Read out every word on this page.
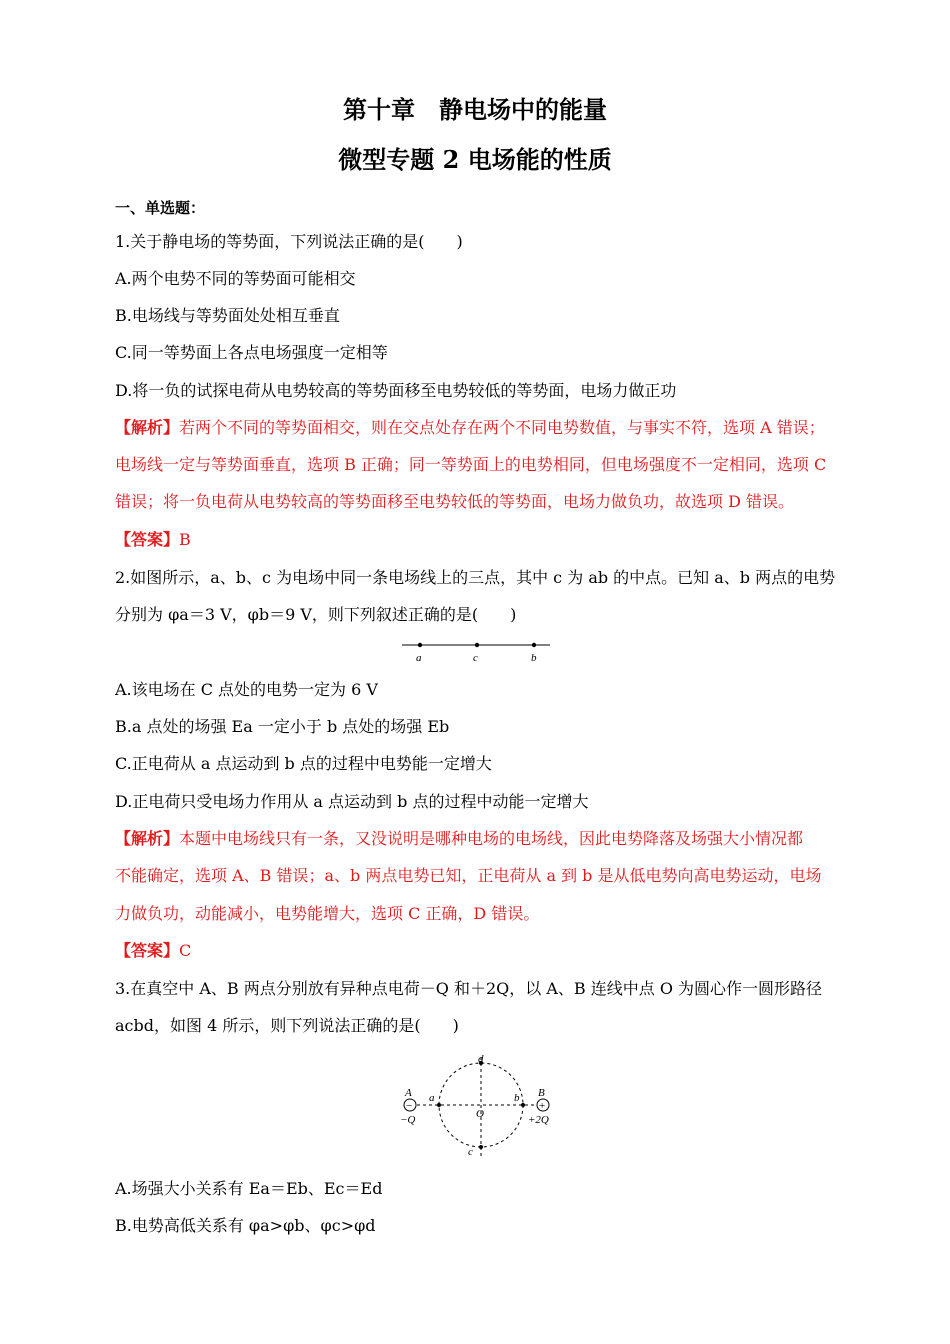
第十章　静电场中的能量
微型专题 2 电场能的性质
一、单选题：
1.关于静电场的等势面，下列说法正确的是(　　)
A.两个电势不同的等势面可能相交
B.电场线与等势面处处相互垂直
C.同一等势面上各点电场强度一定相等
D.将一负的试探电荷从电势较高的等势面移至电势较低的等势面，电场力做正功
【解析】若两个不同的等势面相交，则在交点处存在两个不同电势数值，与事实不符，选项 A 错误；
电场线一定与等势面垂直，选项 B 正确；同一等势面上的电势相同，但电场强度不一定相同，选项 C
错误；将一负电荷从电势较高的等势面移至电势较低的等势面，电场力做负功，故选项 D 错误。
【答案】B
2.如图所示，a、b、c 为电场中同一条电场线上的三点，其中 c 为 ab 的中点。已知 a、b 两点的电势
分别为 φa＝3 V，φb＝9 V，则下列叙述正确的是(　　)
a	c	b
A.该电场在 C 点处的电势一定为 6 V
B.a 点处的场强 Ea 一定小于 b 点处的场强 Eb
C.正电荷从 a 点运动到 b 点的过程中电势能一定增大
D.正电荷只受电场力作用从 a 点运动到 b 点的过程中动能一定增大
【解析】本题中电场线只有一条，又没说明是哪种电场的电场线，因此电势降落及场强大小情况都
不能确定，选项 A、B 错误；a、b 两点电势已知，正电荷从 a 到 b 是从低电势向高电势运动，电场
力做负功，动能减小，电势能增大，选项 C 正确，D 错误。
【答案】C
3.在真空中 A、B 两点分别放有异种点电荷－Q 和＋2Q，以 A、B 连线中点 O 为圆心作一圆形路径
acbd，如图 4 所示，则下列说法正确的是(　　)
−	+
A	B
−Q	+2Q
a	b
d
c
O
A.场强大小关系有 Ea＝Eb、Ec＝Ed
B.电势高低关系有 φa>φb、φc>φd
